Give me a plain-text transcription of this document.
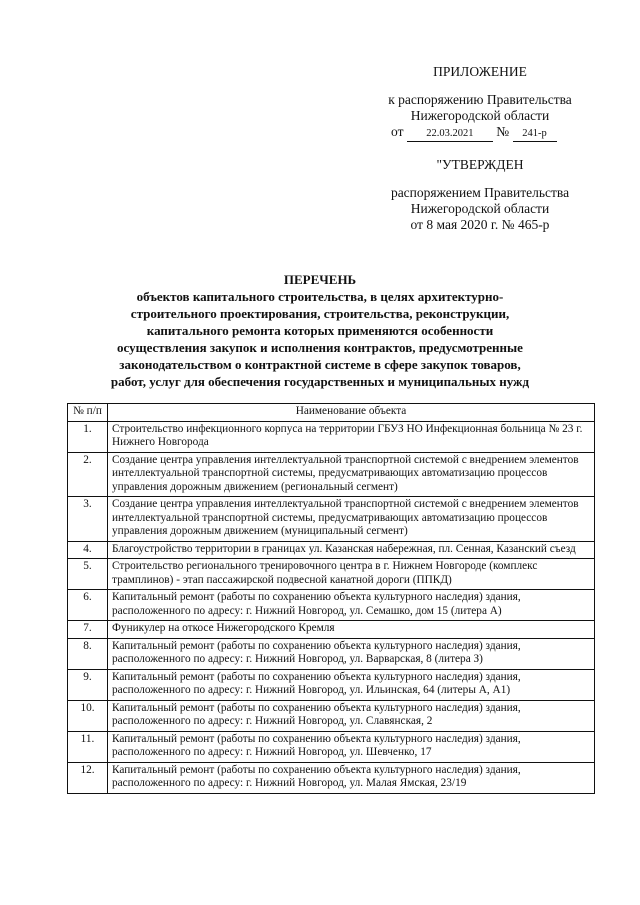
ПРИЛОЖЕНИЕ
к распоряжению Правительства
Нижегородской области
от 22.03.2021 № 241-р
"УТВЕРЖДЕН
распоряжением Правительства
Нижегородской области
от 8 мая 2020 г. № 465-р
ПЕРЕЧЕНЬ
объектов капитального строительства, в целях архитектурно-
строительного проектирования, строительства, реконструкции,
капитального ремонта которых применяются особенности
осуществления закупок и исполнения контрактов, предусмотренные
законодательством о контрактной системе в сфере закупок товаров,
работ, услуг для обеспечения государственных и муниципальных нужд
№ п/п	Наименование объекта
1.	Строительство инфекционного корпуса на территории ГБУЗ НО Инфекционная больница № 23 г. Нижнего Новгорода
2.	Создание центра управления интеллектуальной транспортной системой с внедрением элементов интеллектуальной транспортной системы, предусматривающих автоматизацию процессов управления дорожным движением (региональный сегмент)
3.	Создание центра управления интеллектуальной транспортной системой с внедрением элементов интеллектуальной транспортной системы, предусматривающих автоматизацию процессов управления дорожным движением (муниципальный сегмент)
4.	Благоустройство территории в границах ул. Казанская набережная, пл. Сенная, Казанский съезд
5.	Строительство регионального тренировочного центра в г. Нижнем Новгороде (комплекс трамплинов) - этап пассажирской подвесной канатной дороги (ППКД)
6.	Капитальный ремонт (работы по сохранению объекта культурного наследия) здания, расположенного по адресу: г. Нижний Новгород, ул. Семашко, дом 15 (литера А)
7.	Фуникулер на откосе Нижегородского Кремля
8.	Капитальный ремонт (работы по сохранению объекта культурного наследия) здания, расположенного по адресу: г. Нижний Новгород, ул. Варварская, 8 (литера З)
9.	Капитальный ремонт (работы по сохранению объекта культурного наследия) здания, расположенного по адресу: г. Нижний Новгород, ул. Ильинская, 64 (литеры А, А1)
10.	Капитальный ремонт (работы по сохранению объекта культурного наследия) здания, расположенного по адресу: г. Нижний Новгород, ул. Славянская, 2
11.	Капитальный ремонт (работы по сохранению объекта культурного наследия) здания, расположенного по адресу: г. Нижний Новгород, ул. Шевченко, 17
12.	Капитальный ремонт (работы по сохранению объекта культурного наследия) здания, расположенного по адресу: г. Нижний Новгород, ул. Малая Ямская, 23/19
